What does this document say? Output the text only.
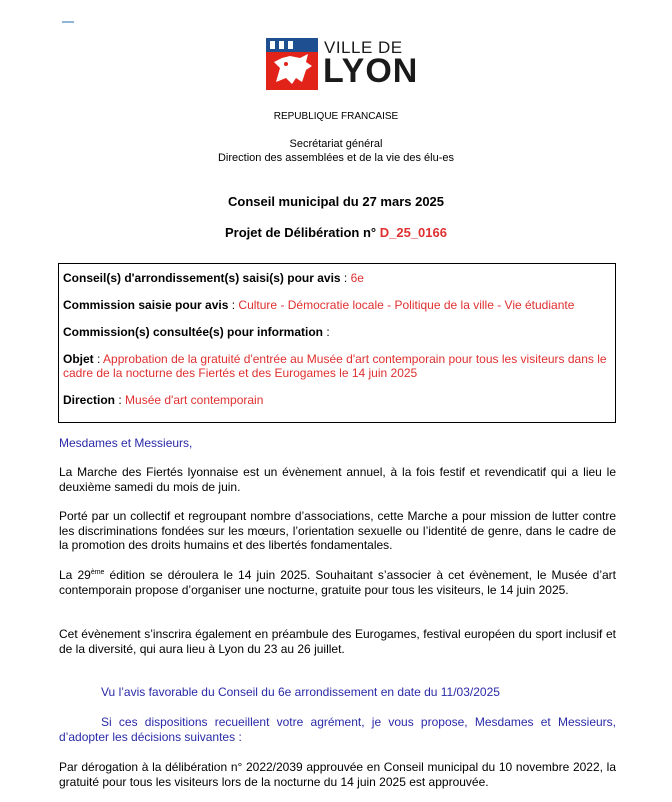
VILLE DE
LYON
REPUBLIQUE FRANCAISE
Secrétariat général
Direction des assemblées et de la vie des élu-es
Conseil municipal du 27 mars 2025
Projet de Délibération n° D_25_0166

Conseil(s) d'arrondissement(s) saisi(s) pour avis : 6e

Commission saisie pour avis : Culture - Démocratie locale - Politique de la ville - Vie étudiante

Commission(s) consultée(s) pour information :

Objet : Approbation de la gratuité d'entrée au Musée d'art contemporain pour tous les visiteurs dans le cadre de la nocturne des Fiertés et des Eurogames le 14 juin 2025

Direction : Musée d'art contemporain

Mesdames et Messieurs,
La Marche des Fiertés lyonnaise est un évènement annuel, à la fois festif et revendicatif qui a lieu le deuxième samedi du mois de juin.
Porté par un collectif et regroupant nombre d’associations, cette Marche a pour mission de lutter contre les discriminations fondées sur les mœurs, l’orientation sexuelle ou l’identité de genre, dans le cadre de la promotion des droits humains et des libertés fondamentales.
La 29ème édition se déroulera le 14 juin 2025. Souhaitant s’associer à cet évènement, le Musée d’art contemporain propose d’organiser une nocturne, gratuite pour tous les visiteurs, le 14 juin 2025.
Cet évènement s’inscrira également en préambule des Eurogames, festival européen du sport inclusif et de la diversité, qui aura lieu à Lyon du 23 au 26 juillet.
Vu l’avis favorable du Conseil du 6e arrondissement en date du 11/03/2025
Si ces dispositions recueillent votre agrément, je vous propose, Mesdames et Messieurs, d’adopter les décisions suivantes :
Par dérogation à la délibération n° 2022/2039 approuvée en Conseil municipal du 10 novembre 2022, la gratuité pour tous les visiteurs lors de la nocturne du 14 juin 2025 est approuvée.
